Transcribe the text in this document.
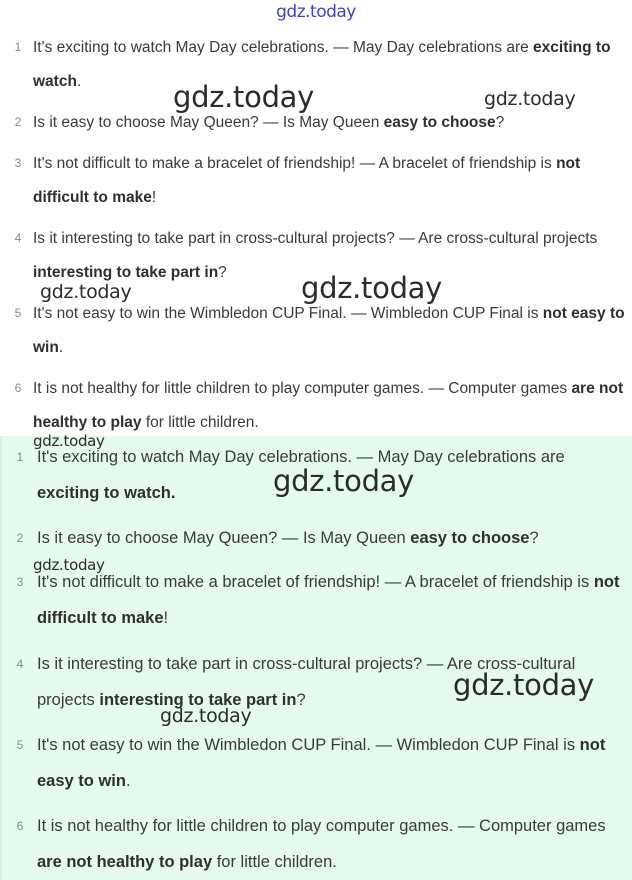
gdz.today
1 It's exciting to watch May Day celebrations. — May Day celebrations are exciting to watch.
2 Is it easy to choose May Queen? — Is May Queen easy to choose?
3 It's not difficult to make a bracelet of friendship! — A bracelet of friendship is not difficult to make!
4 Is it interesting to take part in cross-cultural projects? — Are cross-cultural projects interesting to take part in?
5 It's not easy to win the Wimbledon CUP Final. — Wimbledon CUP Final is not easy to win.
6 It is not healthy for little children to play computer games. — Computer games are not healthy to play for little children.
1 It's exciting to watch May Day celebrations. — May Day celebrations are exciting to watch.
2 Is it easy to choose May Queen? — Is May Queen easy to choose?
3 It's not difficult to make a bracelet of friendship! — A bracelet of friendship is not difficult to make!
4 Is it interesting to take part in cross-cultural projects? — Are cross-cultural projects interesting to take part in?
5 It's not easy to win the Wimbledon CUP Final. — Wimbledon CUP Final is not easy to win.
6 It is not healthy for little children to play computer games. — Computer games are not healthy to play for little children.
gdz.today	gdz.today
gdz.today	gdz.today
gdz.today
gdz.today
gdz.today
gdz.today
gdz.today
